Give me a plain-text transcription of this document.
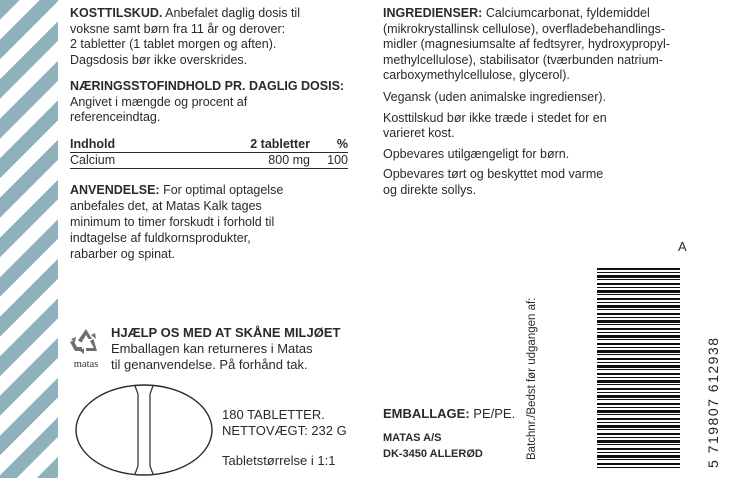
KOSTTILSKUD. Anbefalet daglig dosis til

voksne samt børn fra 11 år og derover:

2 tabletter (1 tablet morgen og aften).

Dagsdosis bør ikke overskrides.

NÆRINGSSTOFINDHOLD PR. DAGLIG DOSIS:

Angivet i mængde og procent af

referenceindtag.

Indhold	2 tabletter	%
Calcium	800 mg	100

ANVENDELSE: For optimal optagelse

anbefales det, at Matas Kalk tages

minimum to timer forskudt i forhold til

indtagelse af fuldkornsprodukter,

rabarber og spinat.

matas

HJÆLP OS MED AT SKÅNE MILJØET

Emballagen kan returneres i Matas

til genanvendelse. På forhånd tak.

180 TABLETTER.

NETTOVÆGT: 232 G

Tabletstørrelse i 1:1

INGREDIENSER: Calciumcarbonat, fyldemiddel

(mikrokrystallinsk cellulose), overfladebehandlings-

midler (magnesiumsalte af fedtsyrer, hydroxypropyl-

methylcellulose), stabilisator (tværbunden natrium-

carboxymethylcellulose, glycerol).

Vegansk (uden animalske ingredienser).

Kosttilskud bør ikke træde i stedet for en

varieret kost.

Opbevares utilgængeligt for børn.

Opbevares tørt og beskyttet mod varme

og direkte sollys.

EMBALLAGE: PE/PE.

MATAS A/S

DK-3450 ALLERØD	Batchnr./Bedst før udgangen af:
A
5 719807 612938
